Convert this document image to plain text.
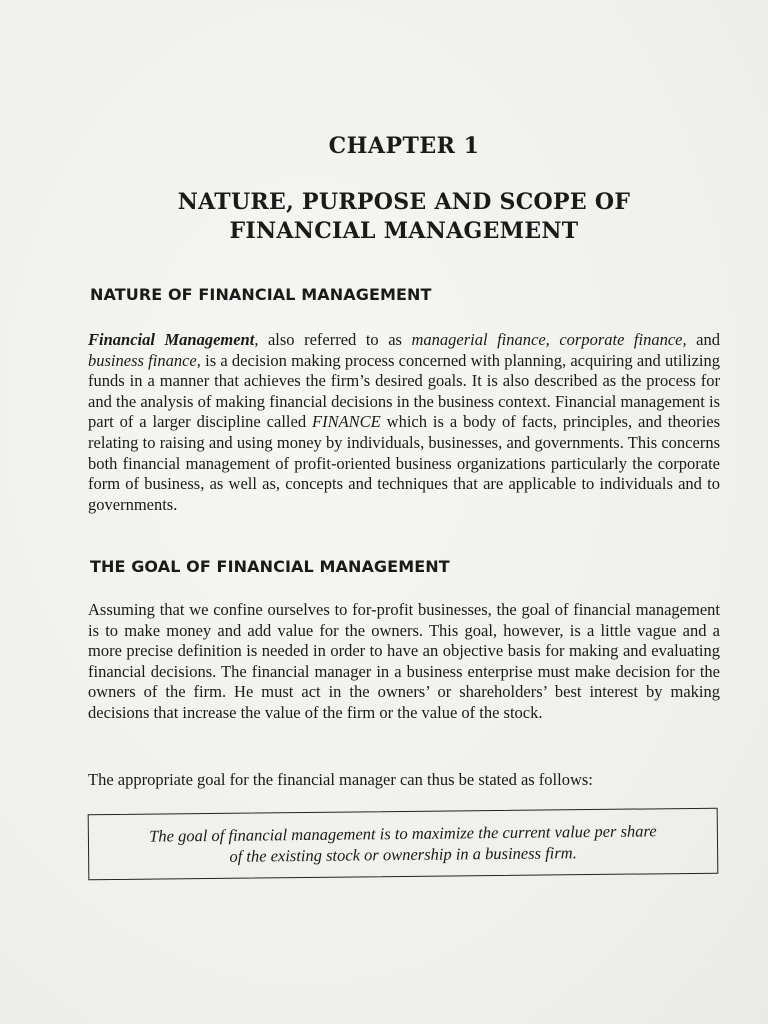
CHAPTER 1
NATURE, PURPOSE AND SCOPE OF
FINANCIAL MANAGEMENT
NATURE OF FINANCIAL MANAGEMENT
Financial Management, also referred to as managerial finance, corporate finance, and business finance, is a decision making process concerned with planning, acquiring and utilizing funds in a manner that achieves the firm’s desired goals. It is also described as the process for and the analysis of making financial decisions in the business context. Financial management is part of a larger discipline called FINANCE which is a body of facts, principles, and theories relating to raising and using money by individuals, businesses, and governments. This concerns both financial management of profit-oriented business organizations particularly the corporate form of business, as well as, concepts and techniques that are applicable to individuals and to governments.
THE GOAL OF FINANCIAL MANAGEMENT
Assuming that we confine ourselves to for-profit businesses, the goal of financial management is to make money and add value for the owners. This goal, however, is a little vague and a more precise definition is needed in order to have an objective basis for making and evaluating financial decisions. The financial manager in a business enterprise must make decision for the owners of the firm. He must act in the owners’ or shareholders’ best interest by making decisions that increase the value of the firm or the value of the stock.
The appropriate goal for the financial manager can thus be stated as follows:
The goal of financial management is to maximize the current value per share
of the existing stock or ownership in a business firm.
